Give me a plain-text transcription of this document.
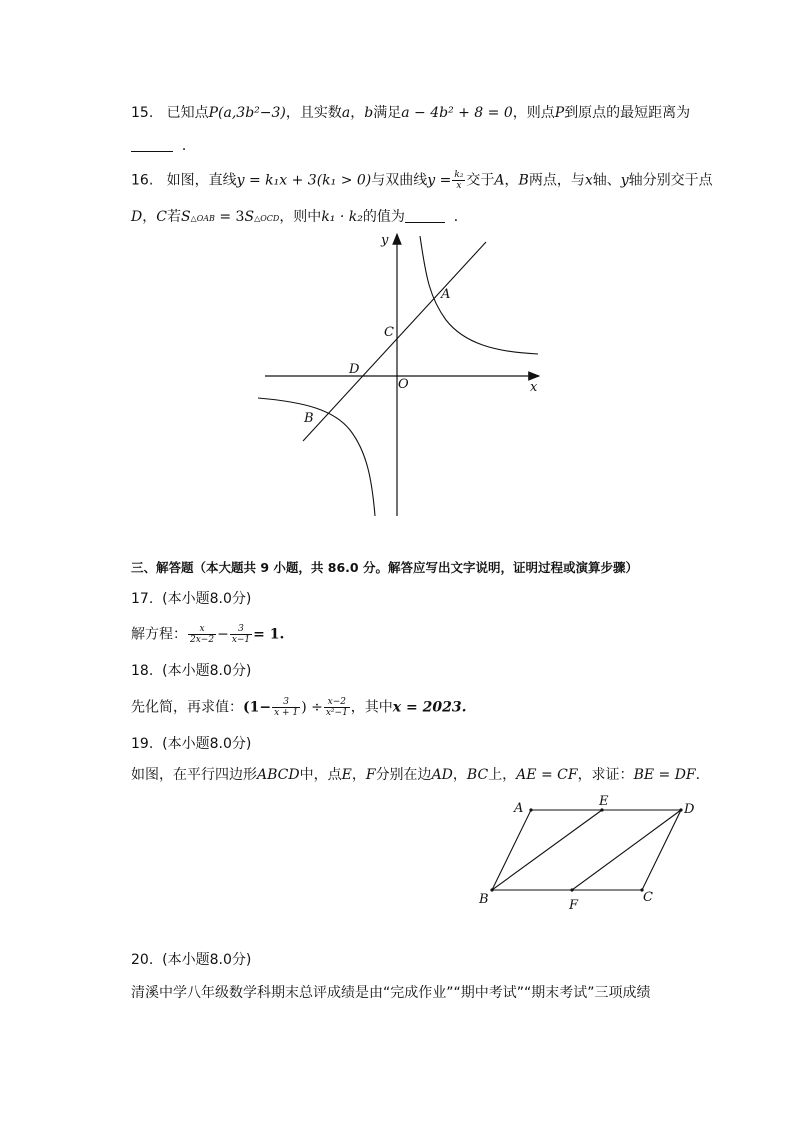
15. 已知点P(a,3b²−3)，且实数a，b满足a − 4b² + 8 = 0，则点P到原点的最短距离为
．
16. 如图，直线y = k₁x + 3(k₁ > 0)与双曲线$y = \frac{\text{k₂}}{x}$ 交于A，B两点，与x轴、y轴分别交于点
D，C若S△OAB = 3S△OCD，则中k₁ · k₂的值为	．
y
x
O
A
B
C
D
三、解答题（本大题共 9 小题，共 86.0 分。解答应写出文字说明，证明过程或演算步骤）
17. (本小题8.0分)
解方程： $\frac{x}{2x-2} - \frac{3}{x-1} = 1$.
18. (本小题8.0分)
先化简，再求值：($1- \frac{3}{x + 1}$ ) ÷ $\frac{x-2}{\text{x²−1}}$ ，其中x = 2023.
19. (本小题8.0分)
如图，在平行四边形ABCD中，点E，F分别在边AD，BC上，AE = CF，求证：BE = DF.
A	E
D
B	F
C
20. (本小题8.0分)
清溪中学八年级数学科期末总评成绩是由“完成作业”“期中考试”“期末考试”三项成绩
